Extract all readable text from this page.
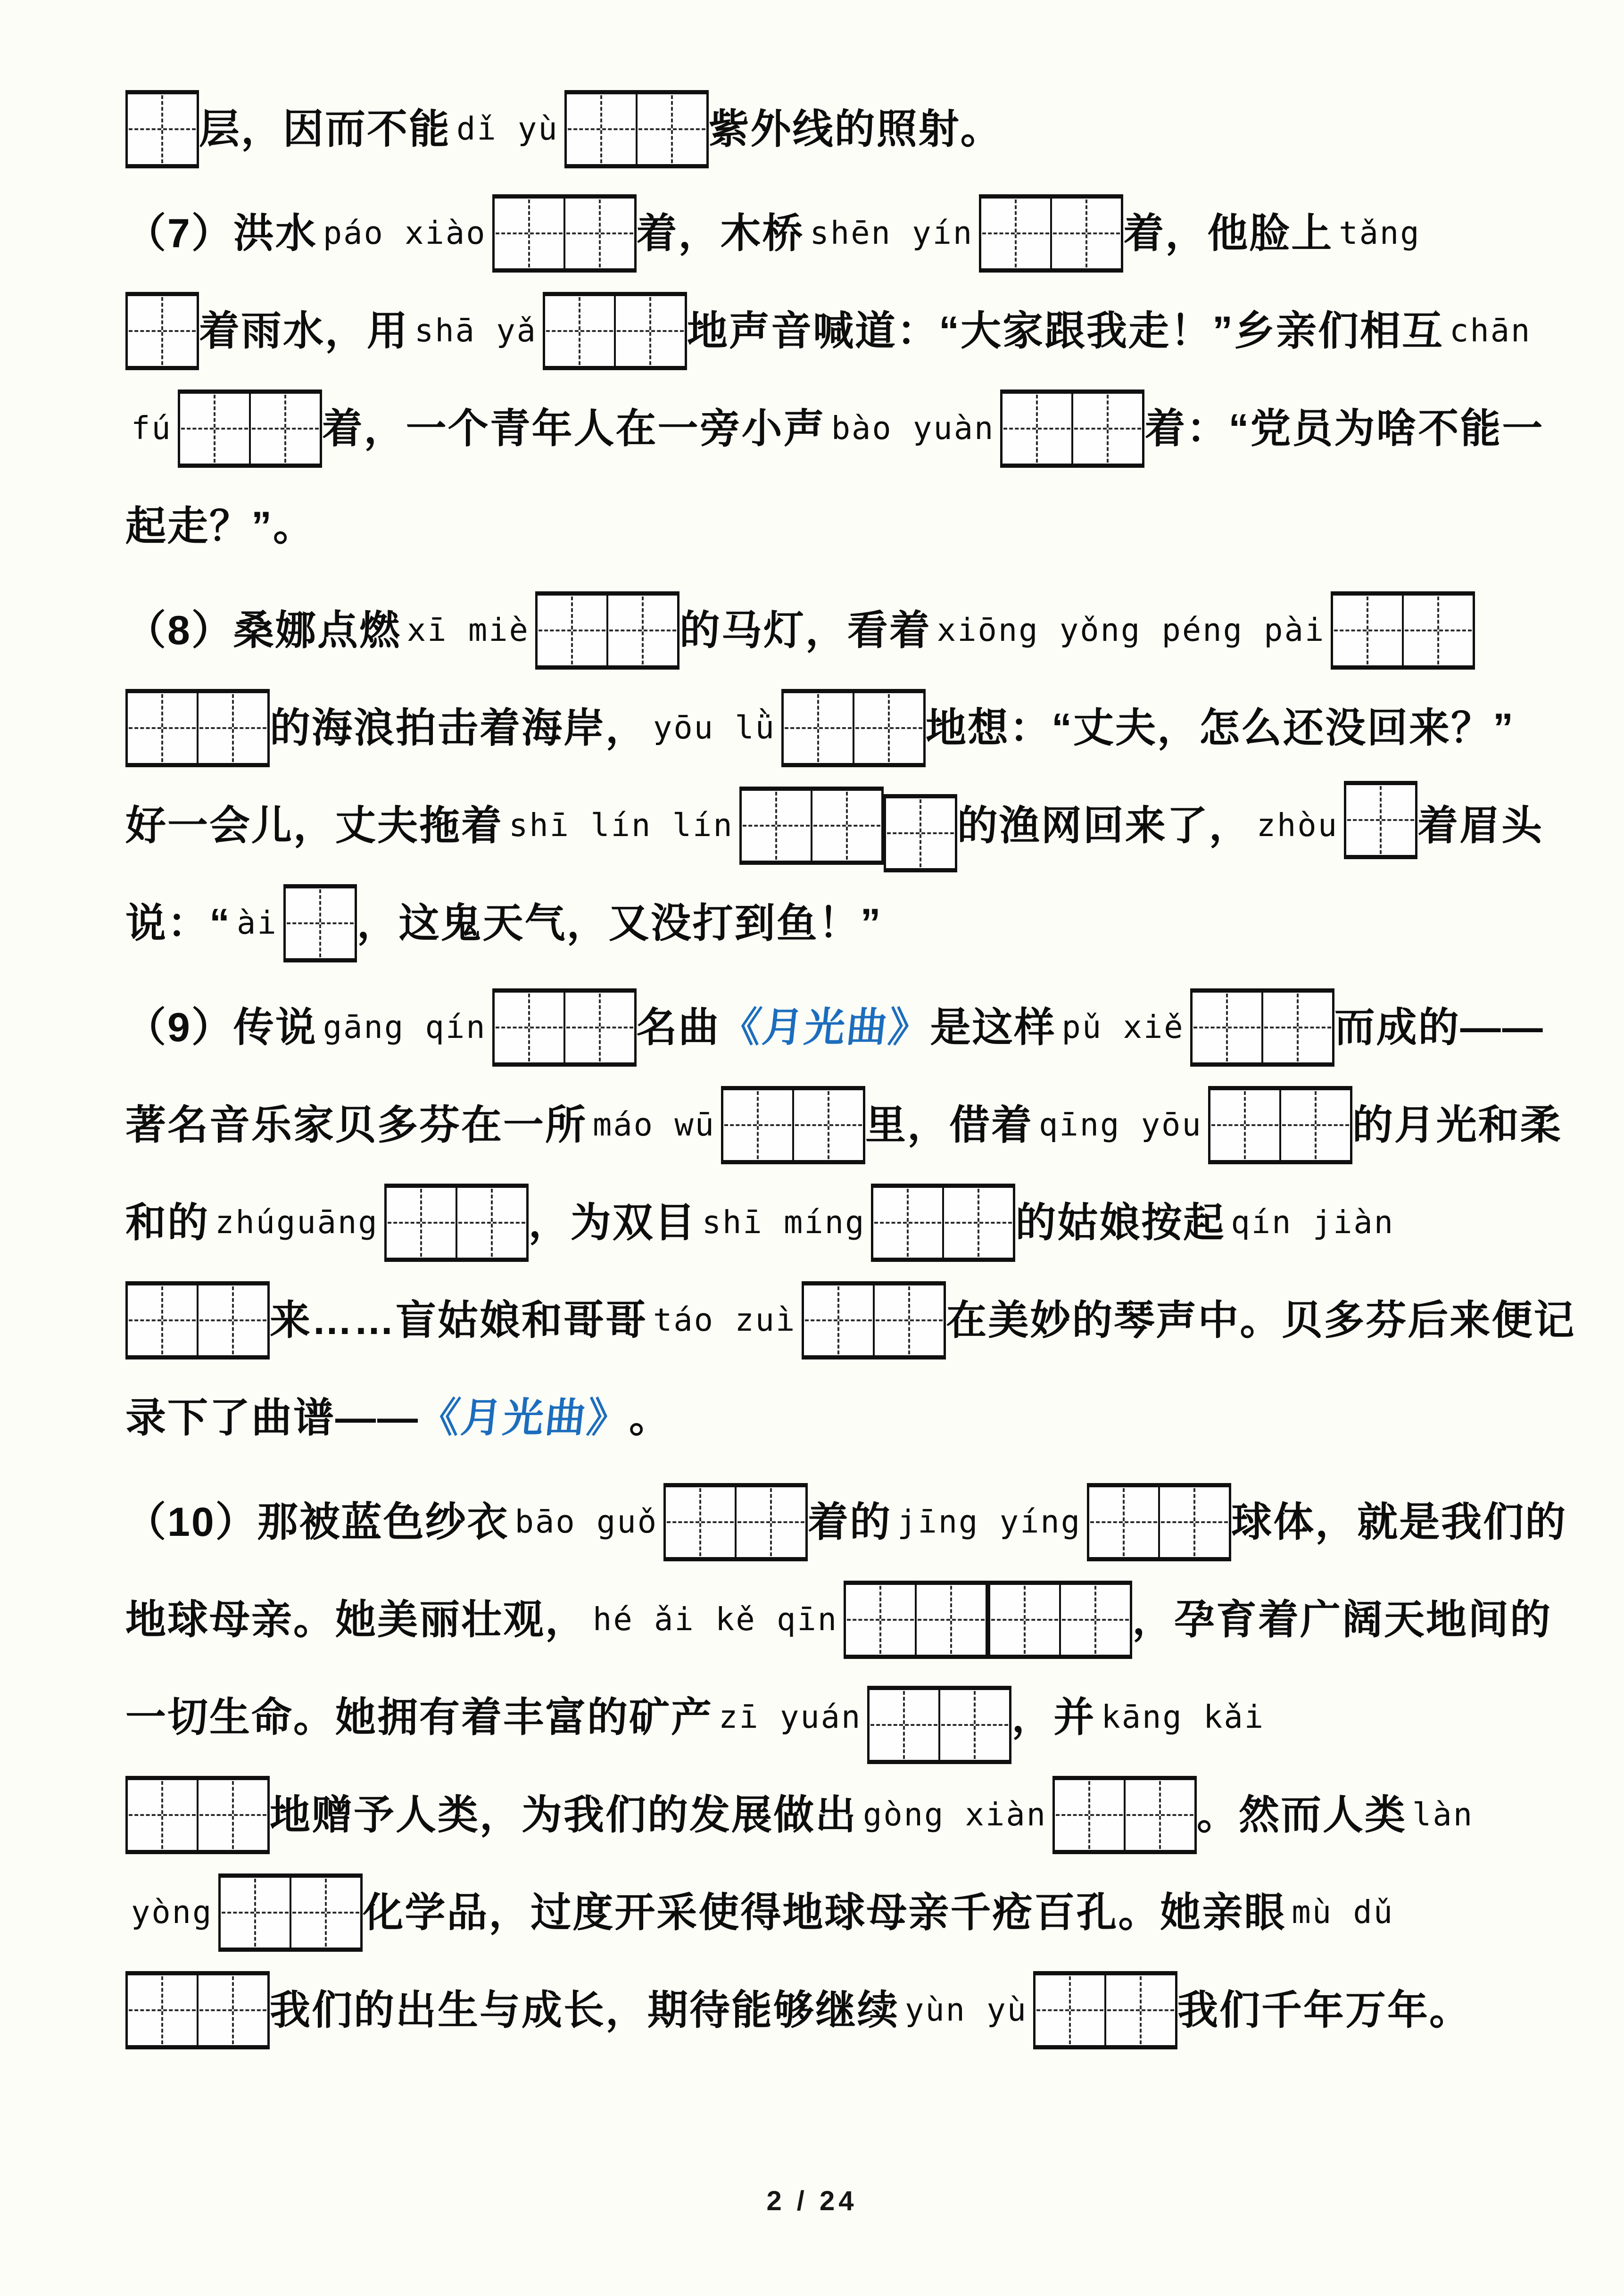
层，因而不能 dǐ yù	紫外线的照射。
（7）洪水 páo xiào	着，木桥 shēn yín	着，他脸上 tǎng
着雨水，用 shā yǎ	地声音喊道：“大家跟我走！”乡亲们相互 chān
fú	着，一个青年人在一旁小声 bào yuàn	着：“党员为啥不能一
起走？”。
（8）桑娜点燃 xī miè	的马灯，看着 xiōng yǒng péng pài
的海浪拍击着海岸， yōu lǜ	地想：“丈夫，怎么还没回来？”
好一会儿，丈夫拖着 shī lín lín	的渔网回来了， zhòu 着眉头
说：“ ài ，这鬼天气，又没打到鱼！”
（9）传说 gāng qín	名曲
《月光曲》
是这样 pǔ xiě	而成的——
著名音乐家贝多芬在一所 máo wū	里，借着 qīng yōu	的月光和柔
和的 zhúguāng	，为双目 shī míng	的姑娘按起 qín jiàn
来……盲姑娘和哥哥 táo zuì	在美妙的琴声中。贝多芬后来便记
录下了曲谱——
《月光曲》
。
（10）那被蓝色纱衣 bāo guǒ	着的 jīng yíng	球体，就是我们的
地球母亲。她美丽壮观， hé ǎi kě qīn	，孕育着广阔天地间的
一切生命。她拥有着丰富的矿产 zī yuán	，并 kāng kǎi
地赠予人类，为我们的发展做出 gòng xiàn	。然而人类 làn
yòng	化学品，过度开采使得地球母亲千疮百孔。她亲眼 mù dǔ
我们的出生与成长，期待能够继续 yùn yù	我们千年万年。
2 / 24
